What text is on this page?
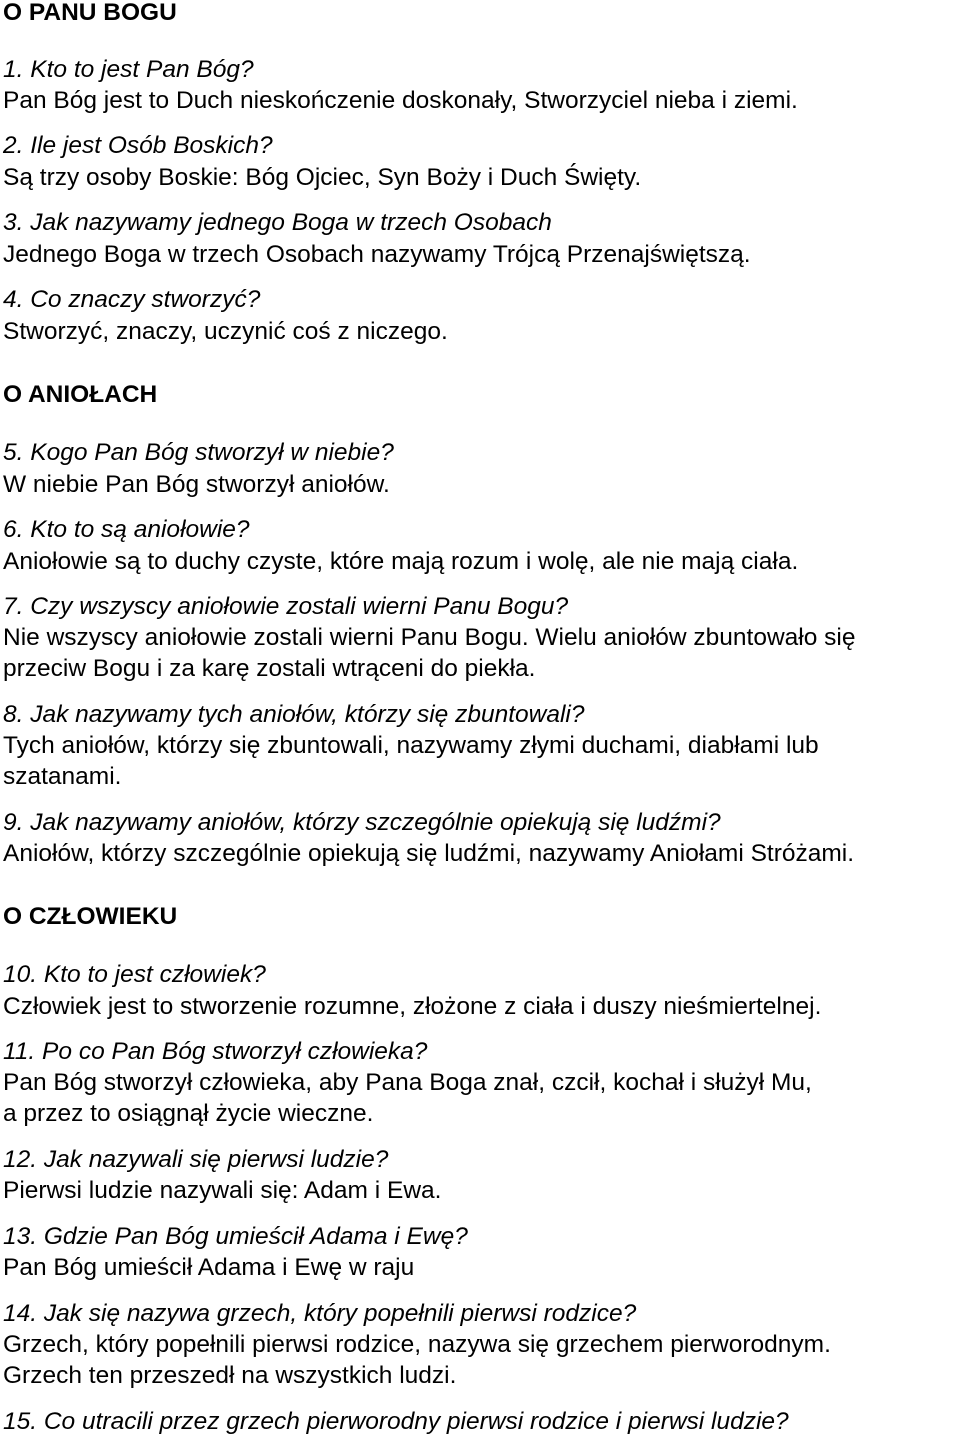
O PANU BOGU
1. Kto to jest Pan Bóg?
Pan Bóg jest to Duch nieskończenie doskonały, Stworzyciel nieba i ziemi.
2. Ile jest Osób Boskich?
Są trzy osoby Boskie: Bóg Ojciec, Syn Boży i Duch Święty.
3. Jak nazywamy jednego Boga w trzech Osobach
Jednego Boga w trzech Osobach nazywamy Trójcą Przenajświętszą.
4. Co znaczy stworzyć?
Stworzyć, znaczy, uczynić coś z niczego.
O ANIOŁACH
5. Kogo Pan Bóg stworzył w niebie?
W niebie Pan Bóg stworzył aniołów.
6. Kto to są aniołowie?
Aniołowie są to duchy czyste, które mają rozum i wolę, ale nie mają ciała.
7. Czy wszyscy aniołowie zostali wierni Panu Bogu?
Nie wszyscy aniołowie zostali wierni Panu Bogu. Wielu aniołów zbuntowało się
przeciw Bogu i za karę zostali wtrąceni do piekła.
8. Jak nazywamy tych aniołów, którzy się zbuntowali?
Tych aniołów, którzy się zbuntowali, nazywamy złymi duchami, diabłami lub
szatanami.
9. Jak nazywamy aniołów, którzy szczególnie opiekują się ludźmi?
Aniołów, którzy szczególnie opiekują się ludźmi, nazywamy Aniołami Stróżami.
O CZŁOWIEKU
10. Kto to jest człowiek?
Człowiek jest to stworzenie rozumne, złożone z ciała i duszy nieśmiertelnej.
11. Po co Pan Bóg stworzył człowieka?
Pan Bóg stworzył człowieka, aby Pana Boga znał, czcił, kochał i służył Mu,
a przez to osiągnął życie wieczne.
12. Jak nazywali się pierwsi ludzie?
Pierwsi ludzie nazywali się: Adam i Ewa.
13. Gdzie Pan Bóg umieścił Adama i Ewę?
Pan Bóg umieścił Adama i Ewę w raju
14. Jak się nazywa grzech, który popełnili pierwsi rodzice?
Grzech, który popełnili pierwsi rodzice, nazywa się grzechem pierworodnym.
Grzech ten przeszedł na wszystkich ludzi.
15. Co utracili przez grzech pierworodny pierwsi rodzice i pierwsi ludzie?
